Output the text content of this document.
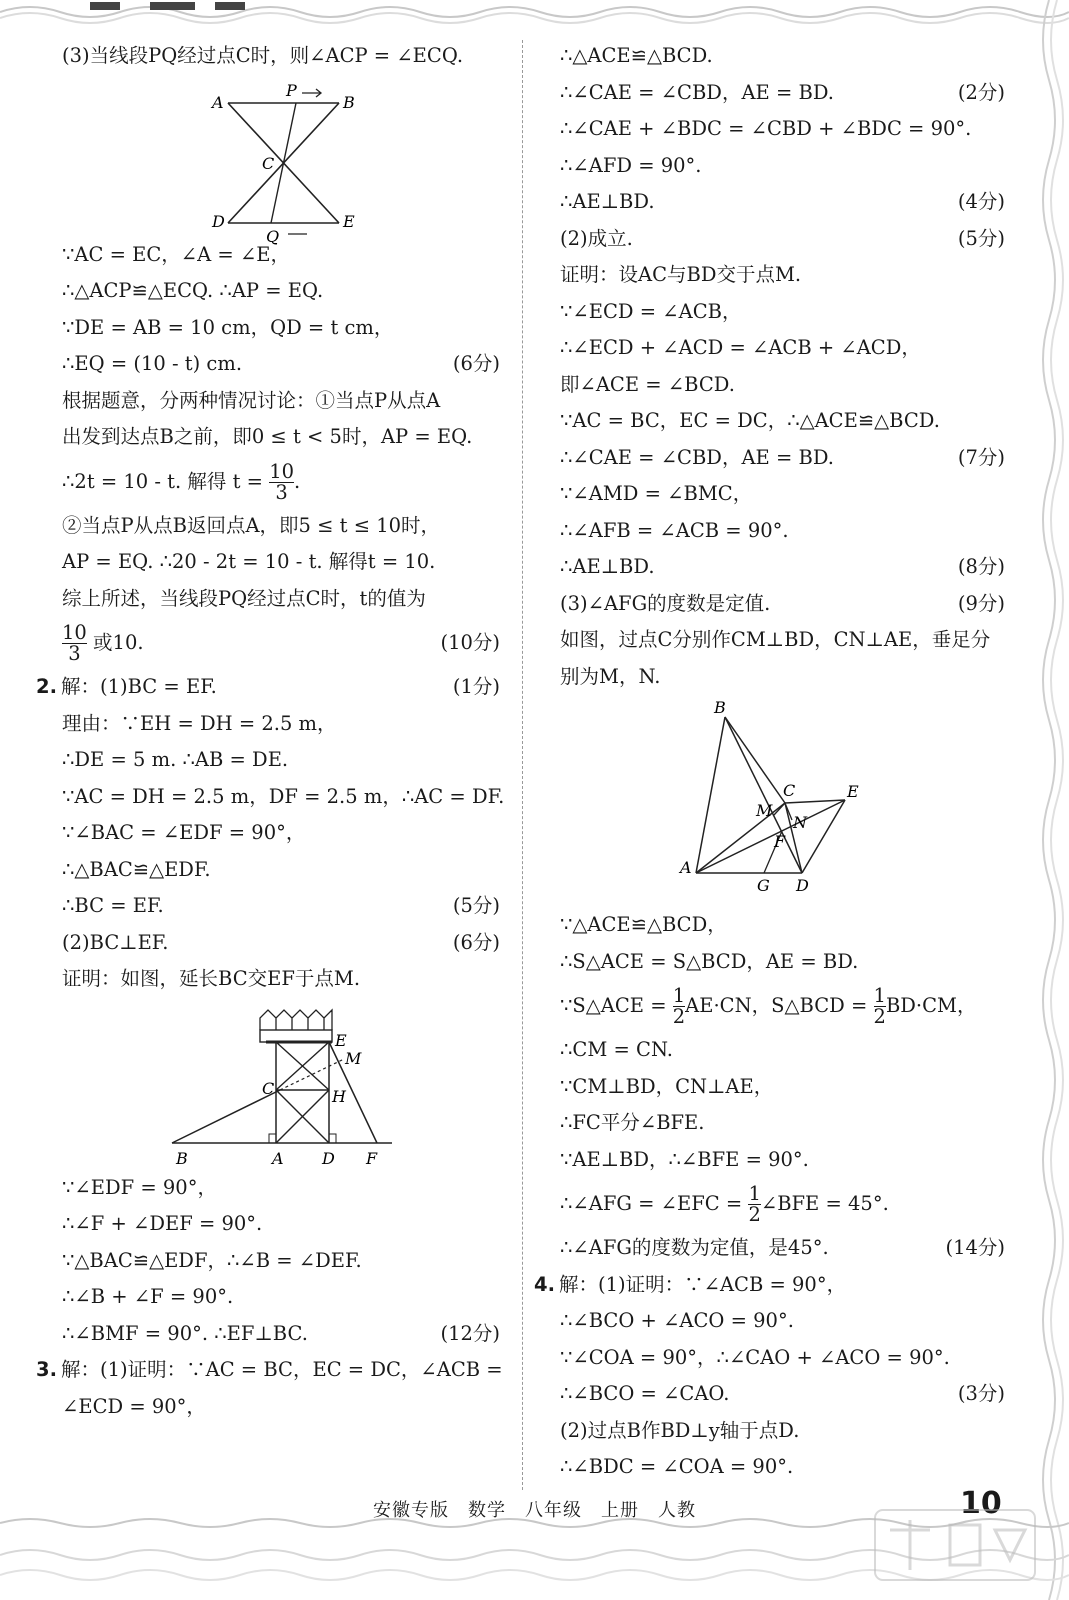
(3)当线段PQ经过点C时，则∠ACP = ∠ECQ.
A	B
P
C
D	E
Q
∵AC = EC，∠A = ∠E，
∴△ACP≌△ECQ. ∴AP = EQ.
∵DE = AB = 10 cm，QD = t cm，
∴EQ = (10 - t) cm.	(6分)
根据题意，分两种情况讨论：①当点P从点A
出发到达点B之前，即0 ≤ t < 5时，AP = EQ.
∴2t = 10 - t. 解得 $t = \frac{10}{3}$ .
②当点P从点B返回点A，即5 ≤ t ≤ 10时，
AP = EQ. ∴20 - 2t = 10 - t. 解得t = 10.
综上所述，当线段PQ经过点C时，t的值为
$\frac{10}{3}$ 或10.	(10分)
2. 解：(1)BC = EF.	(1分)
理由：∵EH = DH = 2.5 m，
∴DE = 5 m. ∴AB = DE.
∵AC = DH = 2.5 m，DF = 2.5 m，∴AC = DF.
∵∠BAC = ∠EDF = 90°，
∴△BAC≌△EDF.
∴BC = EF.	(5分)
(2)BC⊥EF.	(6分)
证明：如图，延长BC交EF于点M.
B	A D F
C
E
M
H
∵∠EDF = 90°，
∴∠F + ∠DEF = 90°.
∵△BAC≌△EDF，∴∠B = ∠DEF.
∴∠B + ∠F = 90°.
∴∠BMF = 90°. ∴EF⊥BC.	(12分)
3. 解：(1)证明：∵AC = BC，EC = DC，∠ACB =
∠ECD = 90°，
∴△ACE≌△BCD.
∴∠CAE = ∠CBD，AE = BD.	(2分)
∴∠CAE + ∠BDC = ∠CBD + ∠BDC = 90°.
∴∠AFD = 90°.
∴AE⊥BD.	(4分)
(2)成立.	(5分)
证明：设AC与BD交于点M.
∵∠ECD = ∠ACB，
∴∠ECD + ∠ACD = ∠ACB + ∠ACD，
即∠ACE = ∠BCD.
∵AC = BC，EC = DC，∴△ACE≌△BCD.
∴∠CAE = ∠CBD，AE = BD.	(7分)
∵∠AMD = ∠BMC，
∴∠AFB = ∠ACB = 90°.
∴AE⊥BD.	(8分)
(3)∠AFG的度数是定值.	(9分)
如图，过点C分别作CM⊥BD，CN⊥AE，垂足分
别为M，N.
B
C	E
M
N
F
A
G D
∵△ACE≌△BCD，
∴S△ACE = S△BCD，AE = BD.
∵S△ACE = $\frac{1}{2} AE\cdot CN$，S△BCD = $\frac{1}{2} BD\cdot CM$，
∴CM = CN.
∵CM⊥BD，CN⊥AE，
∴FC平分∠BFE.
∵AE⊥BD，∴∠BFE = 90°.
∴∠AFG = ∠EFC = $\frac{1}{2}$ ∠BFE = 45°.
∴∠AFG的度数为定值，是45°.	(14分)
4. 解：(1)证明：∵∠ACB = 90°，
∴∠BCO + ∠ACO = 90°.
∵∠COA = 90°，∴∠CAO + ∠ACO = 90°.
∴∠BCO = ∠CAO.	(3分)
(2)过点B作BD⊥y轴于点D.
∴∠BDC = ∠COA = 90°.
安徽专版　数学　八年级　上册　人教	10
